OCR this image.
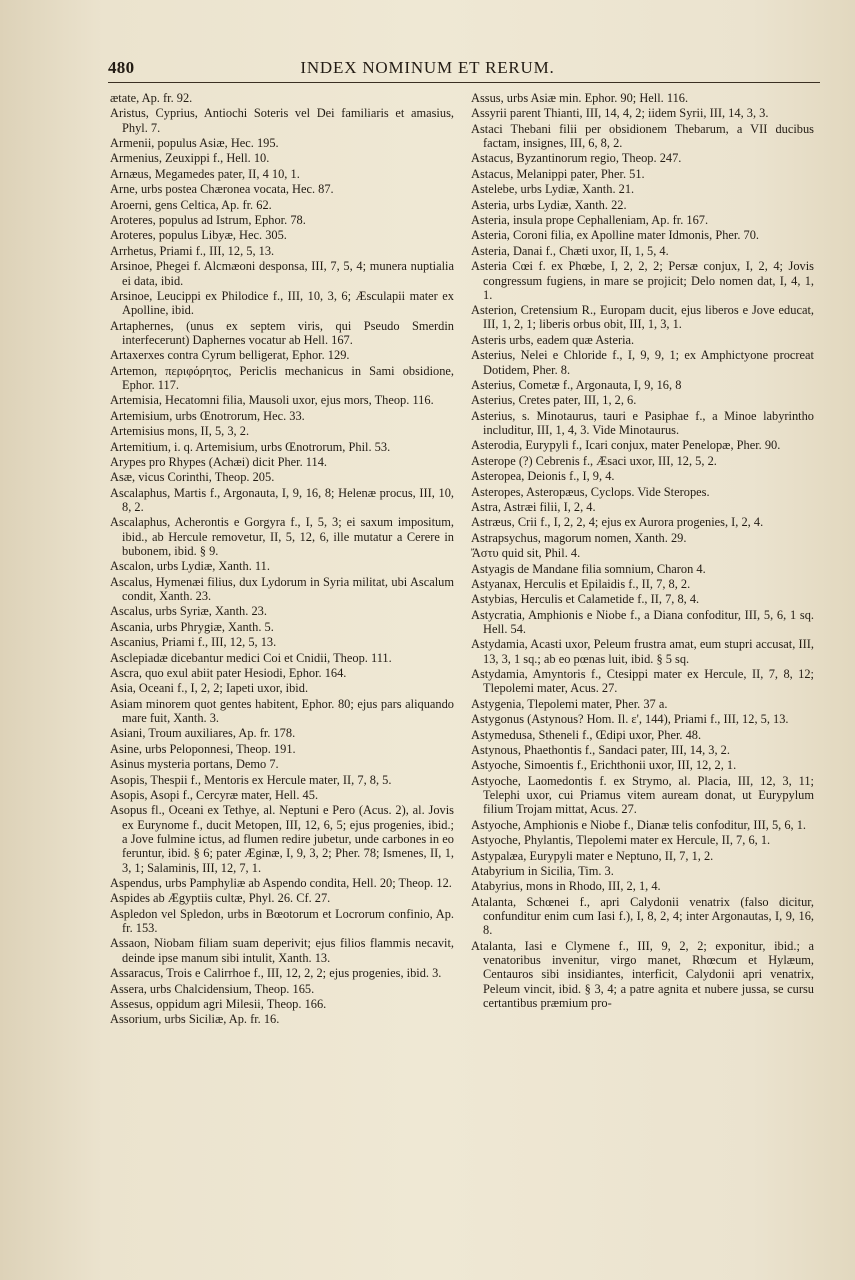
480	INDEX NOMINUM ET RERUM.

ætate, Ap. fr. 92.

Aristus, Cyprius, Antiochi Soteris vel Dei familiaris et amasius, Phyl. 7.

Armenii, populus Asiæ, Hec. 195.

Armenius, Zeuxippi f., Hell. 10.

Arnæus, Megamedes pater, II, 4 10, 1.

Arne, urbs postea Chæronea vocata, Hec. 87.

Aroerni, gens Celtica, Ap. fr. 62.

Aroteres, populus ad Istrum, Ephor. 78.

Aroteres, populus Libyæ, Hec. 305.

Arrhetus, Priami f., III, 12, 5, 13.

Arsinoe, Phegei f. Alcmæoni desponsa, III, 7, 5, 4; munera nuptialia ei data, ibid.

Arsinoe, Leucippi ex Philodice f., III, 10, 3, 6; Æsculapii mater ex Apolline, ibid.

Artaphernes, (unus ex septem viris, qui Pseudo Smerdin interfecerunt) Daphernes vocatur ab Hell. 167.

Artaxerxes contra Cyrum belligerat, Ephor. 129.

Artemon, περιφόρητος, Periclis mechanicus in Sami obsidione, Ephor. 117.

Artemisia, Hecatomni filia, Mausoli uxor, ejus mors, Theop. 116.

Artemisium, urbs Œnotrorum, Hec. 33.

Artemisius mons, II, 5, 3, 2.

Artemitium, i. q. Artemisium, urbs Œnotrorum, Phil. 53.

Arypes pro Rhypes (Achæi) dicit Pher. 114.

Asæ, vicus Corinthi, Theop. 205.

Ascalaphus, Martis f., Argonauta, I, 9, 16, 8; Helenæ procus, III, 10, 8, 2.

Ascalaphus, Acherontis e Gorgyra f., I, 5, 3; ei saxum impositum, ibid., ab Hercule removetur, II, 5, 12, 6, ille mutatur a Cerere in bubonem, ibid. § 9.

Ascalon, urbs Lydiæ, Xanth. 11.

Ascalus, Hymenæi filius, dux Lydorum in Syria militat, ubi Ascalum condit, Xanth. 23.

Ascalus, urbs Syriæ, Xanth. 23.

Ascania, urbs Phrygiæ, Xanth. 5.

Ascanius, Priami f., III, 12, 5, 13.

Asclepiadæ dicebantur medici Coi et Cnidii, Theop. 111.

Ascra, quo exul abiit pater Hesiodi, Ephor. 164.

Asia, Oceani f., I, 2, 2; Iapeti uxor, ibid.

Asiam minorem quot gentes habitent, Ephor. 80; ejus pars aliquando mare fuit, Xanth. 3.

Asiani, Troum auxiliares, Ap. fr. 178.

Asine, urbs Peloponnesi, Theop. 191.

Asinus mysteria portans, Demo 7.

Asopis, Thespii f., Mentoris ex Hercule mater, II, 7, 8, 5.

Asopis, Asopi f., Cercyræ mater, Hell. 45.

Asopus fl., Oceani ex Tethye, al. Neptuni e Pero (Acus. 2), al. Jovis ex Eurynome f., ducit Metopen, III, 12, 6, 5; ejus progenies, ibid.; a Jove fulmine ictus, ad flumen redire jubetur, unde carbones in eo feruntur, ibid. § 6; pater Æginæ, I, 9, 3, 2; Pher. 78; Ismenes, II, 1, 3, 1; Salaminis, III, 12, 7, 1.

Aspendus, urbs Pamphyliæ ab Aspendo condita, Hell. 20; Theop. 12.

Aspides ab Ægyptiis cultæ, Phyl. 26. Cf. 27.

Aspledon vel Spledon, urbs in Bœotorum et Locrorum confinio, Ap. fr. 153.

Assaon, Niobam filiam suam deperivit; ejus filios flammis necavit, deinde ipse manum sibi intulit, Xanth. 13.

Assaracus, Trois e Calirrhoe f., III, 12, 2, 2; ejus progenies, ibid. 3.

Assera, urbs Chalcidensium, Theop. 165.

Assesus, oppidum agri Milesii, Theop. 166.

Assorium, urbs Siciliæ, Ap. fr. 16.

Assus, urbs Asiæ min. Ephor. 90; Hell. 116.

Assyrii parent Thianti, III, 14, 4, 2; iidem Syrii, III, 14, 3, 3.

Astaci Thebani filii per obsidionem Thebarum, a VII ducibus factam, insignes, III, 6, 8, 2.

Astacus, Byzantinorum regio, Theop. 247.

Astacus, Melanippi pater, Pher. 51.

Astelebe, urbs Lydiæ, Xanth. 21.

Asteria, urbs Lydiæ, Xanth. 22.

Asteria, insula prope Cephalleniam, Ap. fr. 167.

Asteria, Coroni filia, ex Apolline mater Idmonis, Pher. 70.

Asteria, Danai f., Chæti uxor, II, 1, 5, 4.

Asteria Cœi f. ex Phœbe, I, 2, 2, 2; Persæ conjux, I, 2, 4; Jovis congressum fugiens, in mare se projicit; Delo nomen dat, I, 4, 1, 1.

Asterion, Cretensium R., Europam ducit, ejus liberos e Jove educat, III, 1, 2, 1; liberis orbus obit, III, 1, 3, 1.

Asteris urbs, eadem quæ Asteria.

Asterius, Nelei e Chloride f., I, 9, 9, 1; ex Amphictyone procreat Dotidem, Pher. 8.

Asterius, Cometæ f., Argonauta, I, 9, 16, 8

Asterius, Cretes pater, III, 1, 2, 6.

Asterius, s. Minotaurus, tauri e Pasiphae f., a Minoe labyrintho includitur, III, 1, 4, 3. Vide Minotaurus.

Asterodia, Eurypyli f., Icari conjux, mater Penelopæ, Pher. 90.

Asterope (?) Cebrenis f., Æsaci uxor, III, 12, 5, 2.

Asteropea, Deionis f., I, 9, 4.

Asteropes, Asteropæus, Cyclops. Vide Steropes.

Astra, Astræi filii, I, 2, 4.

Astræus, Crii f., I, 2, 2, 4; ejus ex Aurora progenies, I, 2, 4.

Astrapsychus, magorum nomen, Xanth. 29.

Ἄστυ quid sit, Phil. 4.

Astyagis de Mandane filia somnium, Charon 4.

Astyanax, Herculis et Epilaidis f., II, 7, 8, 2.

Astybias, Herculis et Calametide f., II, 7, 8, 4.

Astycratia, Amphionis e Niobe f., a Diana confoditur, III, 5, 6, 1 sq. Hell. 54.

Astydamia, Acasti uxor, Peleum frustra amat, eum stupri accusat, III, 13, 3, 1 sq.; ab eo pœnas luit, ibid. § 5 sq.

Astydamia, Amyntoris f., Ctesippi mater ex Hercule, II, 7, 8, 12; Tlepolemi mater, Acus. 27.

Astygenia, Tlepolemi mater, Pher. 37 a.

Astygonus (Astynous? Hom. Il. ε', 144), Priami f., III, 12, 5, 13.

Astymedusa, Stheneli f., Œdipi uxor, Pher. 48.

Astynous, Phaethontis f., Sandaci pater, III, 14, 3, 2.

Astyoche, Simoentis f., Erichthonii uxor, III, 12, 2, 1.

Astyoche, Laomedontis f. ex Strymo, al. Placia, III, 12, 3, 11; Telephi uxor, cui Priamus vitem auream donat, ut Eurypylum filium Trojam mittat, Acus. 27.

Astyoche, Amphionis e Niobe f., Dianæ telis confoditur, III, 5, 6, 1.

Astyoche, Phylantis, Tlepolemi mater ex Hercule, II, 7, 6, 1.

Astypalæa, Eurypyli mater e Neptuno, II, 7, 1, 2.

Atabyrium in Sicilia, Tim. 3.

Atabyrius, mons in Rhodo, III, 2, 1, 4.

Atalanta, Schœnei f., apri Calydonii venatrix (falso dicitur, confunditur enim cum Iasi f.), I, 8, 2, 4; inter Argonautas, I, 9, 16, 8.

Atalanta, Iasi e Clymene f., III, 9, 2, 2; exponitur, ibid.; a venatoribus invenitur, virgo manet, Rhœcum et Hylæum, Centauros sibi insidiantes, interficit, Calydonii apri venatrix, Peleum vincit, ibid. § 3, 4; a patre agnita et nubere jussa, se cursu certantibus præmium pro-
